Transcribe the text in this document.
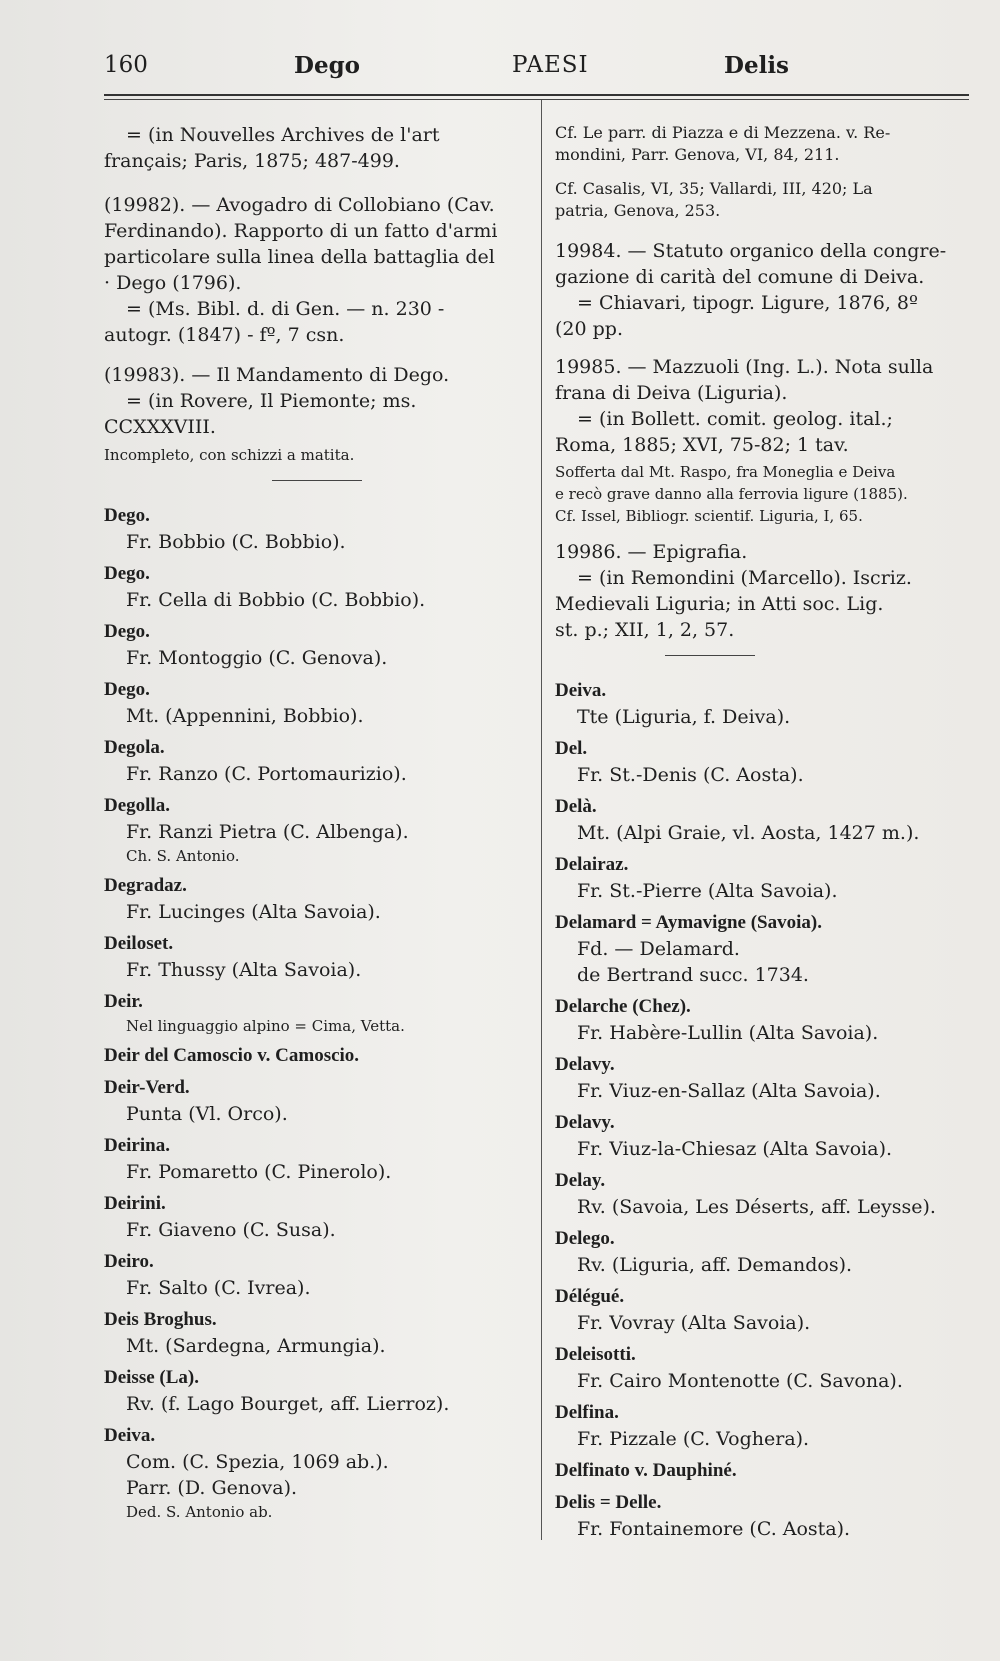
160	Dego	PAESI	Delis
= (in Nouvelles Archives de l'art
français; Paris, 1875; 487-499.
(19982). — Avogadro di Collobiano (Cav.
Ferdinando). Rapporto di un fatto d'armi
particolare sulla linea della battaglia del
· Dego (1796).
= (Ms. Bibl. d. di Gen. — n. 230 -
autogr. (1847) - fº, 7 csn.
(19983). — Il Mandamento di Dego.
= (in Rovere, Il Piemonte; ms.
CCXXXVIII.
Incompleto, con schizzi a matita.
Dego.
Fr. Bobbio (C. Bobbio).
Dego.
Fr. Cella di Bobbio (C. Bobbio).
Dego.
Fr. Montoggio (C. Genova).
Dego.
Mt. (Appennini, Bobbio).
Degola.
Fr. Ranzo (C. Portomaurizio).
Degolla.
Fr. Ranzi Pietra (C. Albenga).
Ch. S. Antonio.
Degradaz.
Fr. Lucinges (Alta Savoia).
Deiloset.
Fr. Thussy (Alta Savoia).
Deir.
Nel linguaggio alpino = Cima, Vetta.
Deir del Camoscio v. Camoscio.
Deir-Verd.
Punta (Vl. Orco).
Deirina.
Fr. Pomaretto (C. Pinerolo).
Deirini.
Fr. Giaveno (C. Susa).
Deiro.
Fr. Salto (C. Ivrea).
Deis Broghus.
Mt. (Sardegna, Armungia).
Deisse (La).
Rv. (f. Lago Bourget, aff. Lierroz).
Deiva.
Com. (C. Spezia, 1069 ab.).
Parr. (D. Genova).
Ded. S. Antonio ab.
Cf. Le parr. di Piazza e di Mezzena. v. Re-
mondini, Parr. Genova, VI, 84, 211.
Cf. Casalis, VI, 35; Vallardi, III, 420; La
patria, Genova, 253.
19984. — Statuto organico della congre-
gazione di carità del comune di Deiva.
= Chiavari, tipogr. Ligure, 1876, 8º
(20 pp.
19985. — Mazzuoli (Ing. L.). Nota sulla
frana di Deiva (Liguria).
= (in Bollett. comit. geolog. ital.;
Roma, 1885; XVI, 75-82; 1 tav.
Sofferta dal Mt. Raspo, fra Moneglia e Deiva
e recò grave danno alla ferrovia ligure (1885).
Cf. Issel, Bibliogr. scientif. Liguria, I, 65.
19986. — Epigrafia.
= (in Remondini (Marcello). Iscriz.
Medievali Liguria; in Atti soc. Lig.
st. p.; XII, 1, 2, 57.
Deiva.
Tte (Liguria, f. Deiva).
Del.
Fr. St.-Denis (C. Aosta).
Delà.
Mt. (Alpi Graie, vl. Aosta, 1427 m.).
Delairaz.
Fr. St.-Pierre (Alta Savoia).
Delamard = Aymavigne (Savoia).
Fd. — Delamard.
de Bertrand succ. 1734.
Delarche (Chez).
Fr. Habère-Lullin (Alta Savoia).
Delavy.
Fr. Viuz-en-Sallaz (Alta Savoia).
Delavy.
Fr. Viuz-la-Chiesaz (Alta Savoia).
Delay.
Rv. (Savoia, Les Déserts, aff. Leysse).
Delego.
Rv. (Liguria, aff. Demandos).
Délégué.
Fr. Vovray (Alta Savoia).
Deleisotti.
Fr. Cairo Montenotte (C. Savona).
Delfina.
Fr. Pizzale (C. Voghera).
Delfinato v. Dauphiné.
Delis = Delle.
Fr. Fontainemore (C. Aosta).
